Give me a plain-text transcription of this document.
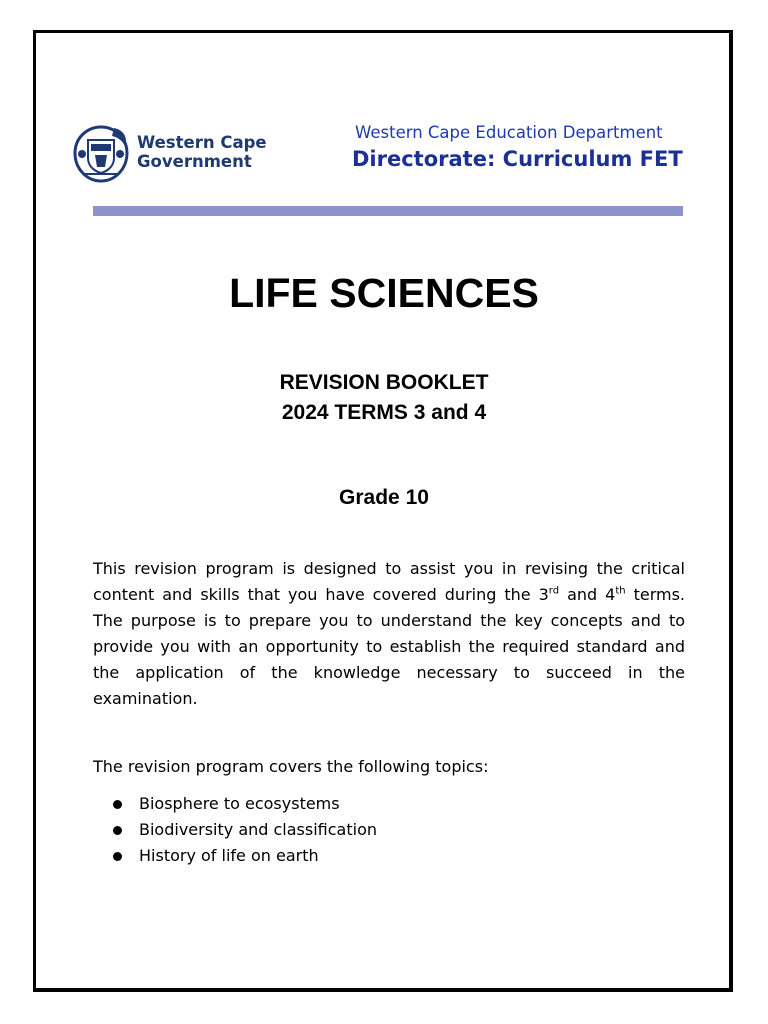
Western Cape
Government
Western Cape Education Department
Directorate: Curriculum FET
LIFE SCIENCES
REVISION BOOKLET
2024 TERMS 3 and 4
Grade 10

This revision program is designed to assist you in revising the critical content and skills that you have covered during the 3rd and 4th terms. The purpose is to prepare you to understand the key concepts and to provide you with an opportunity to establish the required standard and the application of the knowledge necessary to succeed in the examination.

The revision program covers the following topics:
Biosphere to ecosystems
Biodiversity and classification
History of life on earth
